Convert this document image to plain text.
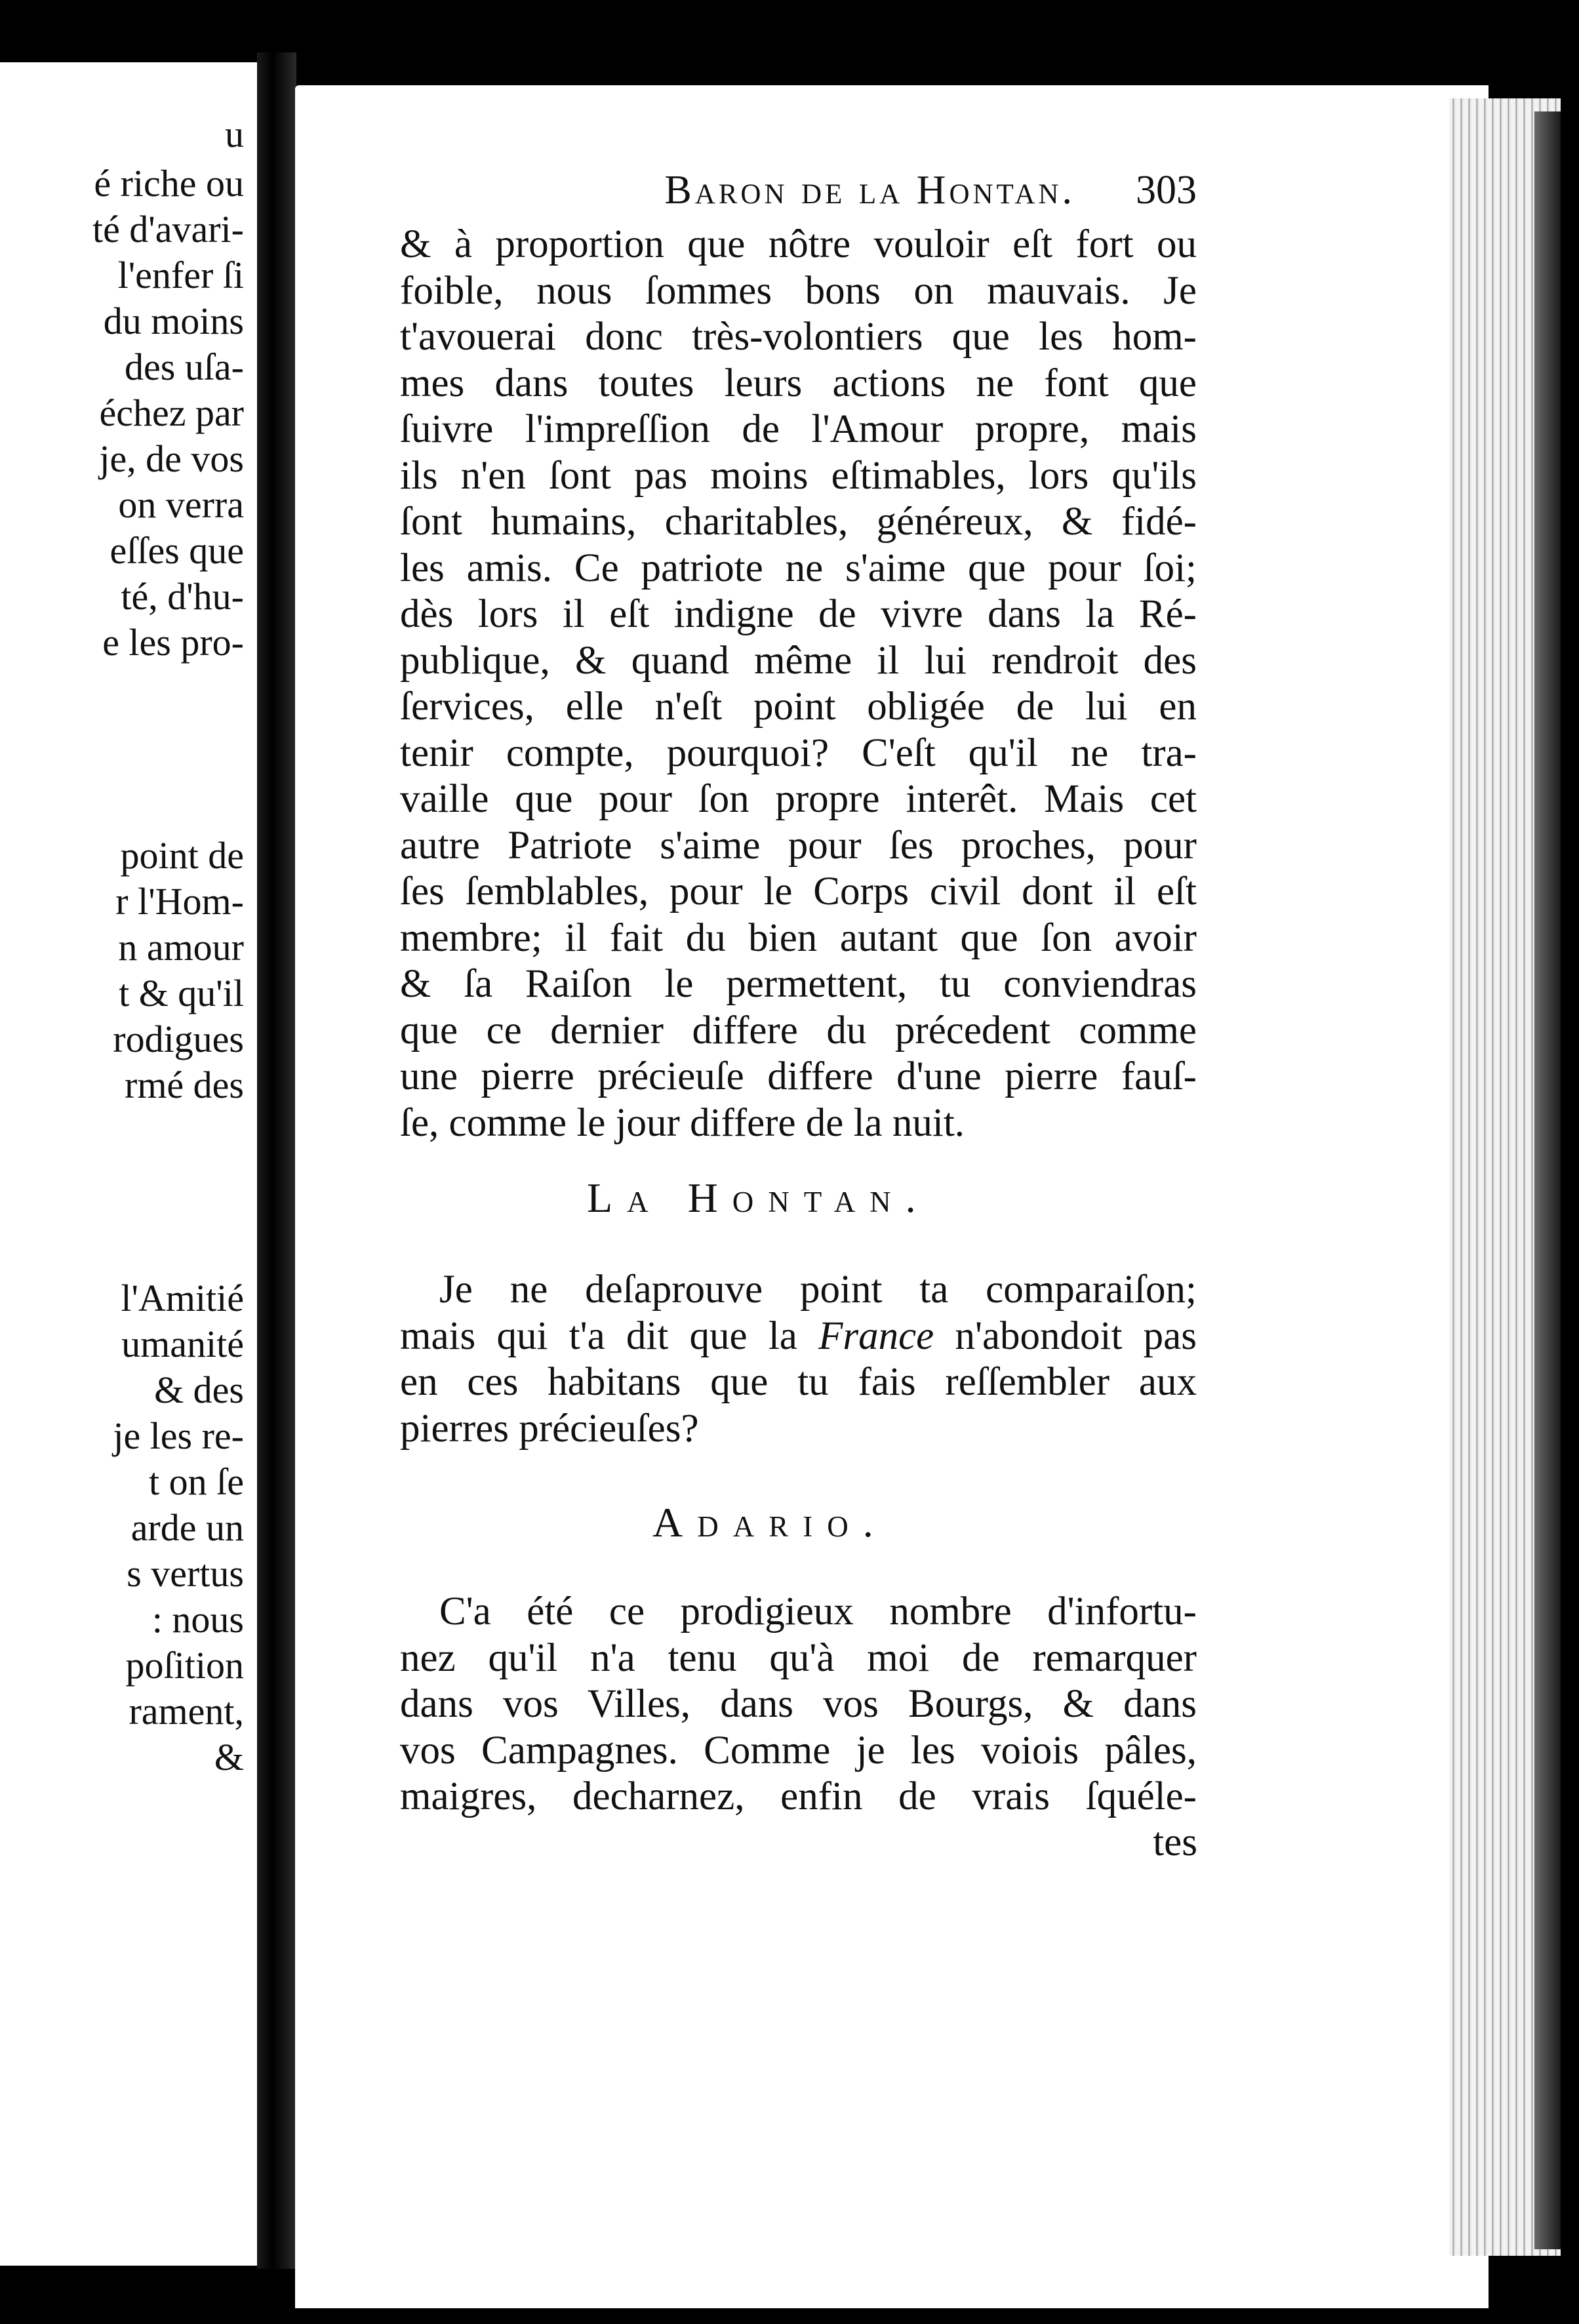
u
é riche ou
té d'avari-
l'enfer ſi
du moins
des uſa-
échez par
je, de vos
on verra
eſſes que
té, d'hu-
e les pro-
point de
r l'Hom-
n amour
t & qu'il
rodigues
rmé des
l'Amitié
umanité
& des
je les re-
t on ſe
arde un
s vertus
: nous
poſition
rament,
&
Baron de la Hontan. 303
& à proportion que nôtre vouloir eſt fort ou
foible, nous ſommes bons on mauvais. Je
t'avouerai donc très-volontiers que les hom-
mes dans toutes leurs actions ne font que
ſuivre l'impreſſion de l'Amour propre, mais
ils n'en ſont pas moins eſtimables, lors qu'ils
ſont humains, charitables, généreux, & fidé-
les amis. Ce patriote ne s'aime que pour ſoi;
dès lors il eſt indigne de vivre dans la Ré-
publique, & quand même il lui rendroit des
ſervices, elle n'eſt point obligée de lui en
tenir compte, pourquoi? C'eſt qu'il ne tra-
vaille que pour ſon propre interêt. Mais cet
autre Patriote s'aime pour ſes proches, pour
ſes ſemblables, pour le Corps civil dont il eſt
membre; il fait du bien autant que ſon avoir
& ſa Raiſon le permettent, tu conviendras
que ce dernier differe du précedent comme
une pierre précieuſe differe d'une pierre fauſ-
ſe, comme le jour differe de la nuit.
La Hontan.
Je ne deſaprouve point ta comparaiſon;
mais qui t'a dit que la France n'abondoit pas
en ces habitans que tu fais reſſembler aux
pierres précieuſes?
Adario.
C'a été ce prodigieux nombre d'infortu-
nez qu'il n'a tenu qu'à moi de remarquer
dans vos Villes, dans vos Bourgs, & dans
vos Campagnes. Comme je les voiois pâles,
maigres, decharnez, enfin de vrais ſquéle-
tes
